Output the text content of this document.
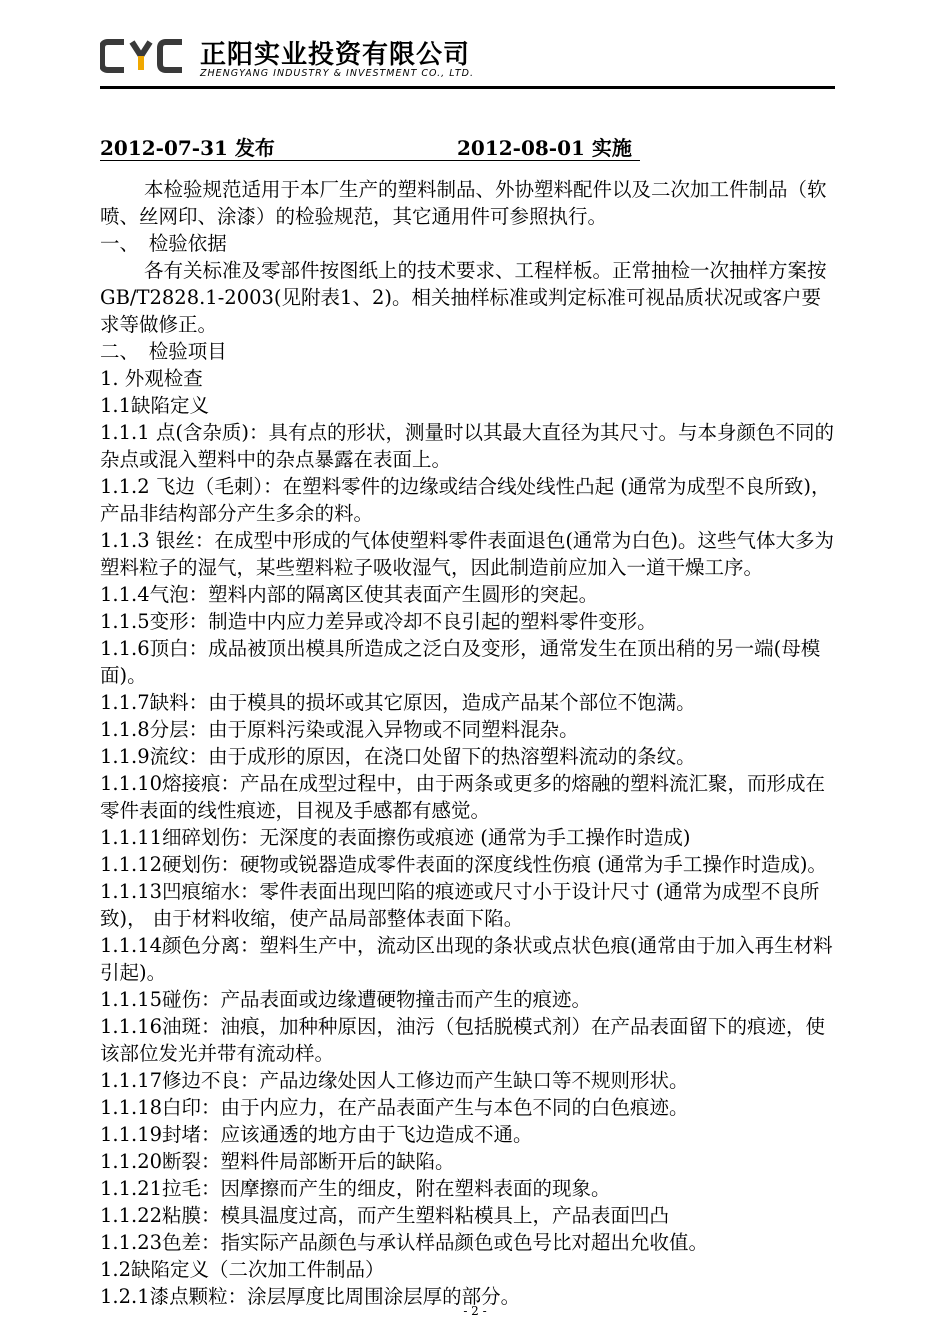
正阳实业投资有限公司
ZHENGYANG INDUSTRY & INVESTMENT CO., LTD.
2012-07-31 发布	2012-08-01 实施

本检验规范适用于本厂生产的塑料制品、外协塑料配件以及二次加工件制品（软喷、丝网印、涂漆）的检验规范，其它通用件可参照执行。

一、　检验依据

各有关标准及零部件按图纸上的技术要求、工程样板。正常抽检一次抽样方案按GB/T2828.1-2003(见附表1、2)。相关抽样标准或判定标准可视品质状况或客户要求等做修正。

二、　检验项目

1. 外观检查

1.1缺陷定义

1.1.1 点(含杂质)：具有点的形状，测量时以其最大直径为其尺寸。与本身颜色不同的杂点或混入塑料中的杂点暴露在表面上。

1.1.2 飞边（毛刺）：在塑料零件的边缘或结合线处线性凸起 (通常为成型不良所致)， 产品非结构部分产生多余的料。

1.1.3 银丝：在成型中形成的气体使塑料零件表面退色(通常为白色)。这些气体大多为塑料粒子的湿气，某些塑料粒子吸收湿气，因此制造前应加入一道干燥工序。

1.1.4气泡：塑料内部的隔离区使其表面产生圆形的突起。

1.1.5变形：制造中内应力差异或冷却不良引起的塑料零件变形。

1.1.6顶白：成品被顶出模具所造成之泛白及变形，通常发生在顶出稍的另一端(母模面)。

1.1.7缺料：由于模具的损坏或其它原因，造成产品某个部位不饱满。

1.1.8分层：由于原料污染或混入异物或不同塑料混杂。

1.1.9流纹：由于成形的原因，在浇口处留下的热溶塑料流动的条纹。

1.1.10熔接痕：产品在成型过程中，由于两条或更多的熔融的塑料流汇聚，而形成在零件表面的线性痕迹，目视及手感都有感觉。

1.1.11细碎划伤：无深度的表面擦伤或痕迹 (通常为手工操作时造成)

1.1.12硬划伤：硬物或锐器造成零件表面的深度线性伤痕 (通常为手工操作时造成)。

1.1.13凹痕缩水：零件表面出现凹陷的痕迹或尺寸小于设计尺寸 (通常为成型不良所致)， 由于材料收缩，使产品局部整体表面下陷。

1.1.14颜色分离：塑料生产中，流动区出现的条状或点状色痕(通常由于加入再生材料引起)。

1.1.15碰伤：产品表面或边缘遭硬物撞击而产生的痕迹。

1.1.16油斑：油痕，加种种原因，油污（包括脱模式剂）在产品表面留下的痕迹，使该部位发光并带有流动样。

1.1.17修边不良：产品边缘处因人工修边而产生缺口等不规则形状。

1.1.18白印：由于内应力，在产品表面产生与本色不同的白色痕迹。

1.1.19封堵：应该通透的地方由于飞边造成不通。

1.1.20断裂：塑料件局部断开后的缺陷。

1.1.21拉毛：因摩擦而产生的细皮，附在塑料表面的现象。

1.1.22粘膜：模具温度过高，而产生塑料粘模具上，产品表面凹凸

1.1.23色差：指实际产品颜色与承认样品颜色或色号比对超出允收值。

1.2缺陷定义（二次加工件制品）

1.2.1漆点颗粒：涂层厚度比周围涂层厚的部分。

- 2 -
